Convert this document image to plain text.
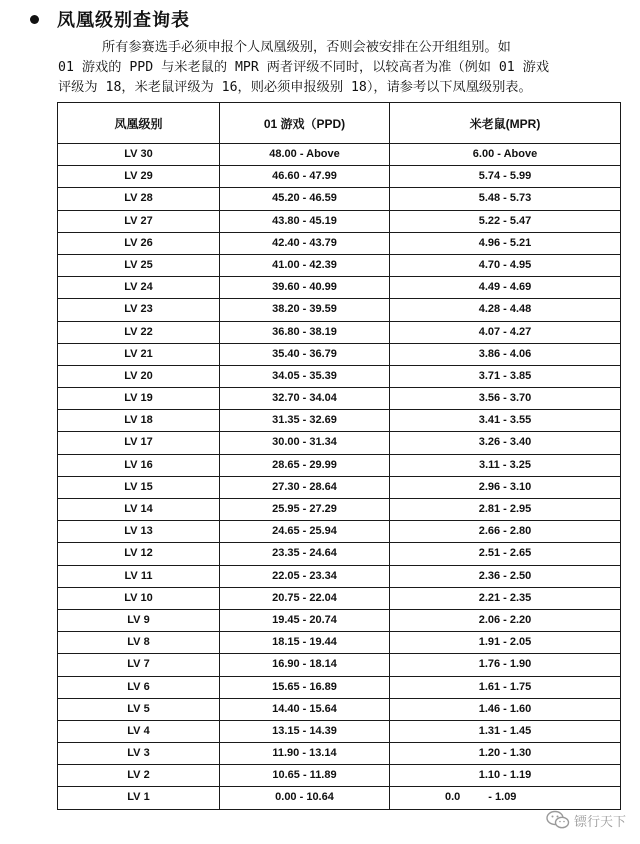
凤凰级别查询表
所有参赛选手必须申报个人凤凰级别，否则会被安排在公开组组别。如
01 游戏的 PPD 与米老鼠的 MPR 两者评级不同时，以较高者为准（例如 01 游戏
评级为 18，米老鼠评级为 16，则必须申报级别 18），请参考以下凤凰级别表。
凤凰级别	01 游戏（PPD)	米老鼠(MPR)
LV 30	48.00 - Above	6.00 - Above
LV 29	46.60 - 47.99	5.74 - 5.99
LV 28	45.20 - 46.59	5.48 - 5.73
LV 27	43.80 - 45.19	5.22 - 5.47
LV 26	42.40 - 43.79	4.96 - 5.21
LV 25	41.00 - 42.39	4.70 - 4.95
LV 24	39.60 - 40.99	4.49 - 4.69
LV 23	38.20 - 39.59	4.28 - 4.48
LV 22	36.80 - 38.19	4.07 - 4.27
LV 21	35.40 - 36.79	3.86 - 4.06
LV 20	34.05 - 35.39	3.71 - 3.85
LV 19	32.70 - 34.04	3.56 - 3.70
LV 18	31.35 - 32.69	3.41 - 3.55
LV 17	30.00 - 31.34	3.26 - 3.40
LV 16	28.65 - 29.99	3.11 - 3.25
LV 15	27.30 - 28.64	2.96 - 3.10
LV 14	25.95 - 27.29	2.81 - 2.95
LV 13	24.65 - 25.94	2.66 - 2.80
LV 12	23.35 - 24.64	2.51 - 2.65
LV 11	22.05 - 23.34	2.36 - 2.50
LV 10	20.75 - 22.04	2.21 - 2.35
LV 9	19.45 - 20.74	2.06 - 2.20
LV 8	18.15 - 19.44	1.91 - 2.05
LV 7	16.90 - 18.14	1.76 - 1.90
LV 6	15.65 - 16.89	1.61 - 1.75
LV 5	14.40 - 15.64	1.46 - 1.60
LV 4	13.15 - 14.39	1.31 - 1.45
LV 3	11.90 - 13.14	1.20 - 1.30
LV 2	10.65 - 11.89	1.10 - 1.19
LV 1	0.00 - 10.64	0.0 - 1.09
镖行天下
